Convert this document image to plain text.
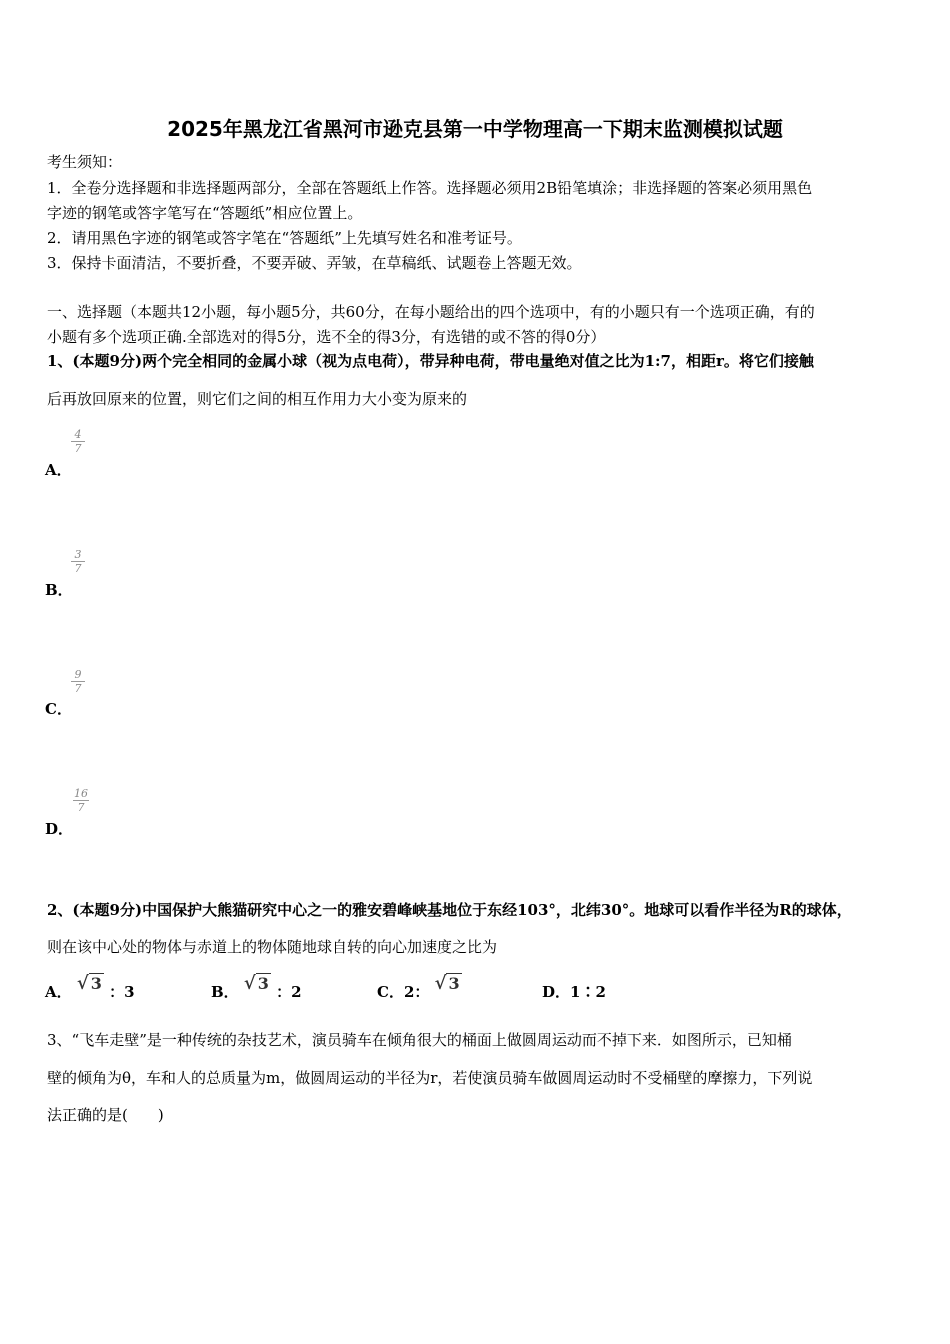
2025年黑龙江省黑河市逊克县第一中学物理高一下期末监测模拟试题
考生须知：
1．全卷分选择题和非选择题两部分，全部在答题纸上作答。选择题必须用2B铅笔填涂；非选择题的答案必须用黑色
字迹的钢笔或答字笔写在“答题纸”相应位置上。
2．请用黑色字迹的钢笔或答字笔在“答题纸”上先填写姓名和准考证号。
3．保持卡面清洁，不要折叠，不要弄破、弄皱，在草稿纸、试题卷上答题无效。
一、选择题（本题共12小题，每小题5分，共60分，在每小题给出的四个选项中，有的小题只有一个选项正确，有的
小题有多个选项正确.全部选对的得5分，选不全的得3分，有选错的或不答的得0分）
1、(本题9分)两个完全相同的金属小球（视为点电荷），带异种电荷，带电量绝对值之比为1:7，相距r。将它们接触
后再放回原来的位置，则它们之间的相互作用力大小变为原来的
4
7
A．
3
7
B．
9
7
C．
16
7
D．
2、(本题9分)中国保护大熊猫研究中心之一的雅安碧峰峡基地位于东经103°，北纬30°。地球可以看作半径为R的球体，
则在该中心处的物体与赤道上的物体随地球自转的向心加速度之比为
A． √ 3 ：3	B． √ 3 ：2	C．2： √ 3	D．1∶2
3、“飞车走壁”是一种传统的杂技艺术，演员骑车在倾角很大的桶面上做圆周运动而不掉下来．如图所示，已知桶
壁的倾角为θ，车和人的总质量为m，做圆周运动的半径为r，若使演员骑车做圆周运动时不受桶壁的摩擦力，下列说
法正确的是(　　)
